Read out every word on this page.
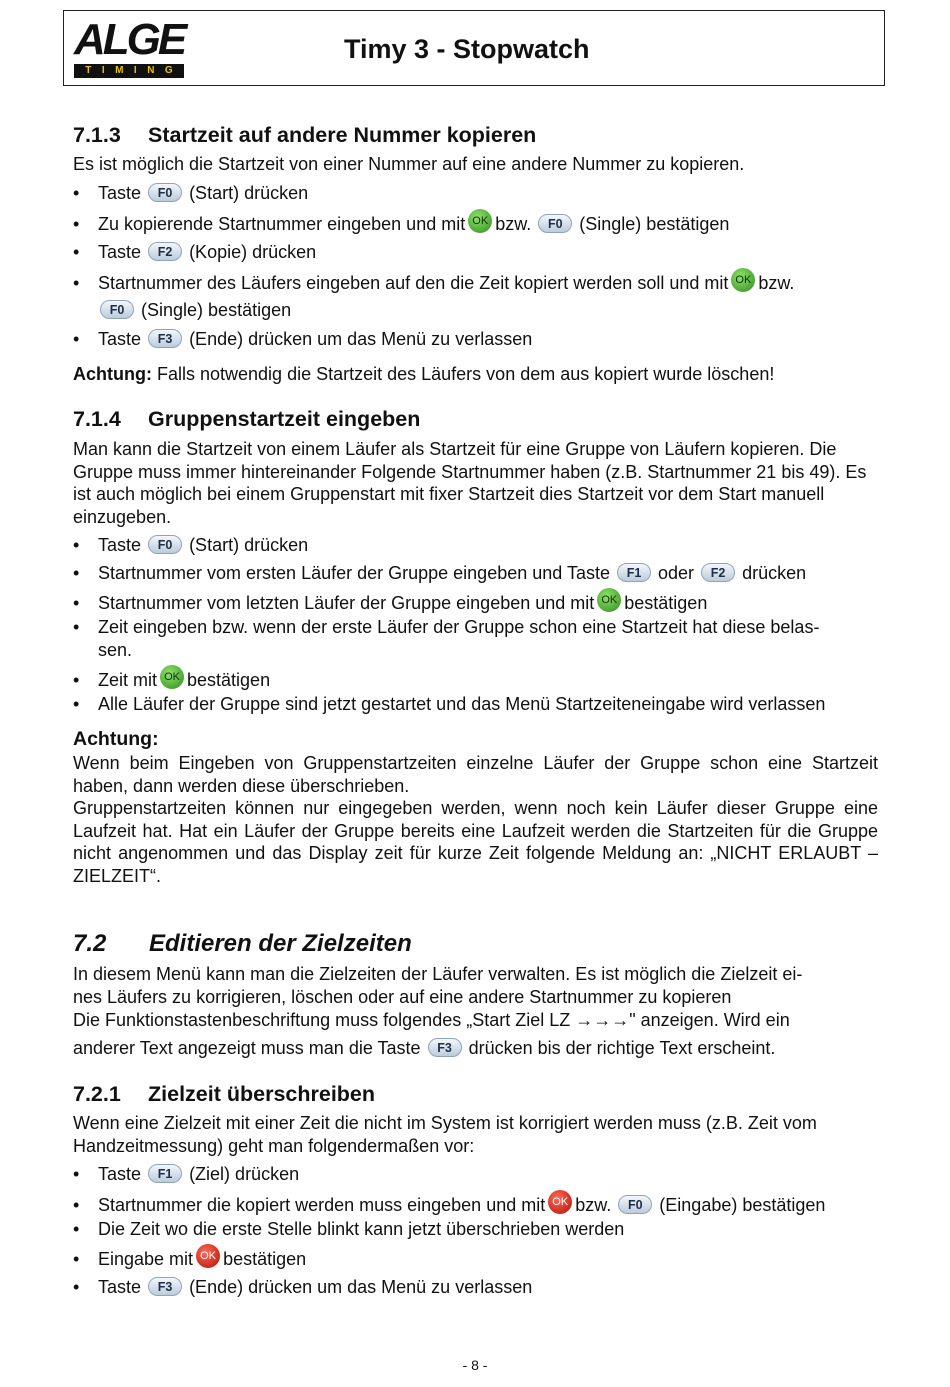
ALGE
T I M I N G
Timy 3 - Stopwatch
7.1.3 Startzeit auf andere Nummer kopieren

Es ist möglich die Startzeit von einer Nummer auf eine andere Nummer zu kopieren.

• Taste F0 (Start) drücken
• Zu kopierende Startnummer eingeben und mit OK bzw. F0 (Single) bestätigen
• Taste F2 (Kopie) drücken
• Startnummer des Läufers eingeben auf den die Zeit kopiert werden soll und mit OK bzw.
F0 (Single) bestätigen
• Taste F3 (Ende) drücken um das Menü zu verlassen

Achtung: Falls notwendig die Startzeit des Läufers von dem aus kopiert wurde löschen!

7.1.4 Gruppenstartzeit eingeben

Man kann die Startzeit von einem Läufer als Startzeit für eine Gruppe von Läufern kopieren. Die Gruppe muss immer hintereinander Folgende Startnummer haben (z.B. Startnummer 21 bis 49). Es ist auch möglich bei einem Gruppenstart mit fixer Startzeit dies Startzeit vor dem Start manuell einzugeben.

• Taste F0 (Start) drücken
• Startnummer vom ersten Läufer der Gruppe eingeben und Taste F1 oder F2 drücken
• Startnummer vom letzten Läufer der Gruppe eingeben und mit OK bestätigen
• Zeit eingeben bzw. wenn der erste Läufer der Gruppe schon eine Startzeit hat diese belas-
sen.
• Zeit mit OK bestätigen
• Alle Läufer der Gruppe sind jetzt gestartet und das Menü Startzeiteneingabe wird verlassen
Achtung:

Wenn beim Eingeben von Gruppenstartzeiten einzelne Läufer der Gruppe schon eine Startzeit haben, dann werden diese überschrieben.

Gruppenstartzeiten können nur eingegeben werden, wenn noch kein Läufer dieser Gruppe eine Laufzeit hat. Hat ein Läufer der Gruppe bereits eine Laufzeit werden die Startzeiten für die Gruppe nicht angenommen und das Display zeit für kurze Zeit folgende Meldung an: „NICHT ERLAUBT – ZIELZEIT“.

7.2 Editieren der Zielzeiten
In diesem Menü kann man die Zielzeiten der Läufer verwalten. Es ist möglich die Zielzeit ei-
nes Läufers zu korrigieren, löschen oder auf eine andere Startnummer zu kopieren
Die Funktionstastenbeschriftung muss folgendes „Start Ziel LZ →→→" anzeigen. Wird ein
anderer Text angezeigt muss man die Taste F3 drücken bis der richtige Text erscheint.
7.2.1 Zielzeit überschreiben

Wenn eine Zielzeit mit einer Zeit die nicht im System ist korrigiert werden muss (z.B. Zeit vom Handzeitmessung) geht man folgendermaßen vor:

• Taste F1 (Ziel) drücken
• Startnummer die kopiert werden muss eingeben und mit OK bzw. F0 (Eingabe) bestätigen
• Die Zeit wo die erste Stelle blinkt kann jetzt überschrieben werden
• Eingabe mit OK bestätigen
• Taste F3 (Ende) drücken um das Menü zu verlassen
- 8 -
